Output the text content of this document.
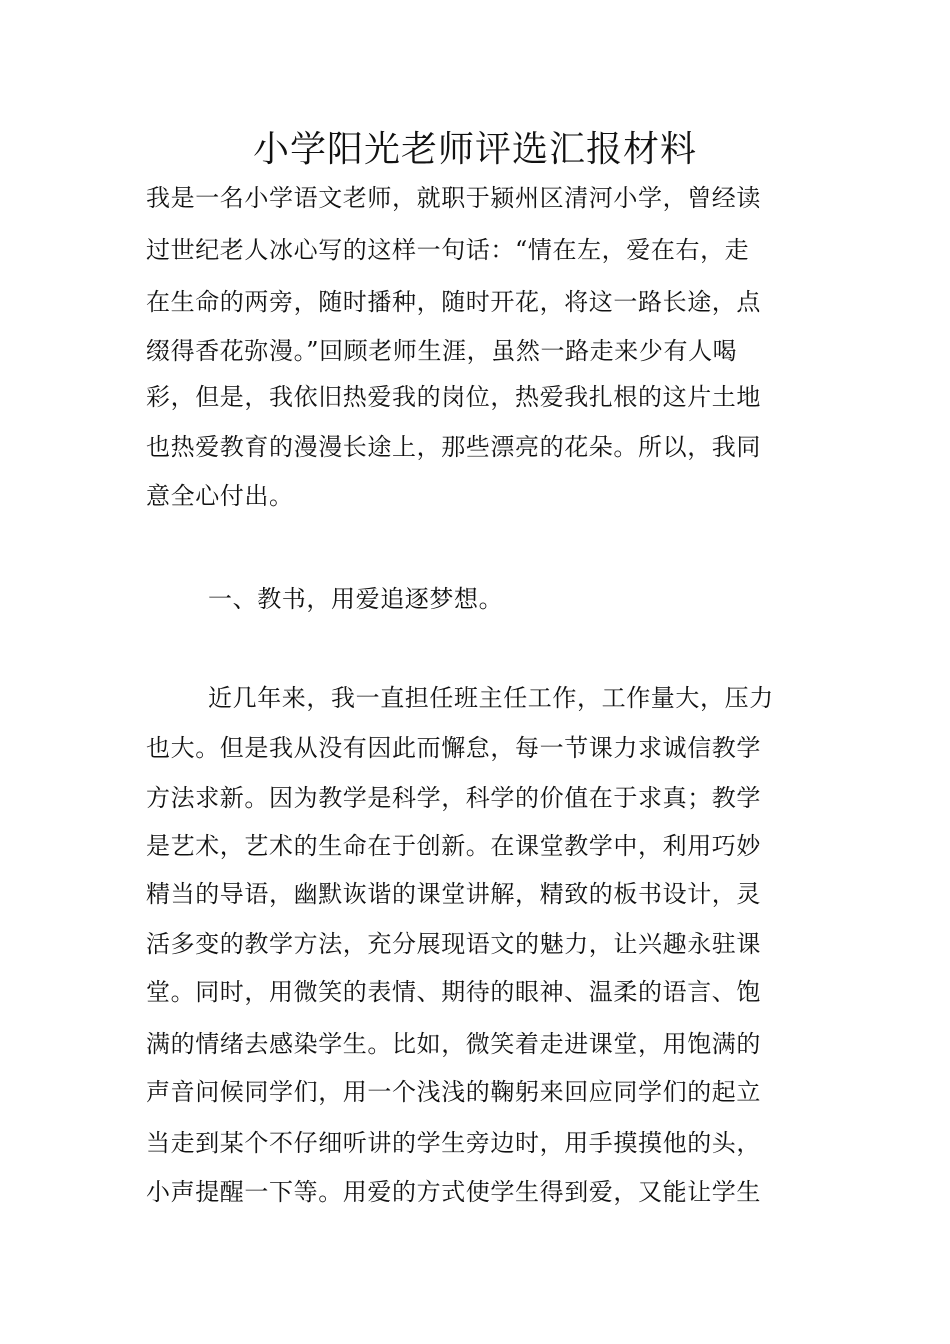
小学阳光老师评选汇报材料
我是一名小学语文老师，就职于颍州区清河小学，曾经读
过世纪老人冰心写的这样一句话：“情在左，爱在右，走
在生命的两旁，随时播种，随时开花，将这一路长途，点
缀得香花弥漫。”回顾老师生涯，虽然一路走来少有人喝
彩，但是，我依旧热爱我的岗位，热爱我扎根的这片土地
也热爱教育的漫漫长途上，那些漂亮的花朵。所以，我同
意全心付出。
一、教书，用爱追逐梦想。
近几年来，我一直担任班主任工作，工作量大，压力
也大。但是我从没有因此而懈怠，每一节课力求诚信教学
方法求新。因为教学是科学，科学的价值在于求真；教学
是艺术，艺术的生命在于创新。在课堂教学中，利用巧妙
精当的导语，幽默诙谐的课堂讲解，精致的板书设计，灵
活多变的教学方法，充分展现语文的魅力，让兴趣永驻课
堂。同时，用微笑的表情、期待的眼神、温柔的语言、饱
满的情绪去感染学生。比如，微笑着走进课堂，用饱满的
声音问候同学们，用一个浅浅的鞠躬来回应同学们的起立
当走到某个不仔细听讲的学生旁边时，用手摸摸他的头，
小声提醒一下等。用爱的方式使学生得到爱，又能让学生
